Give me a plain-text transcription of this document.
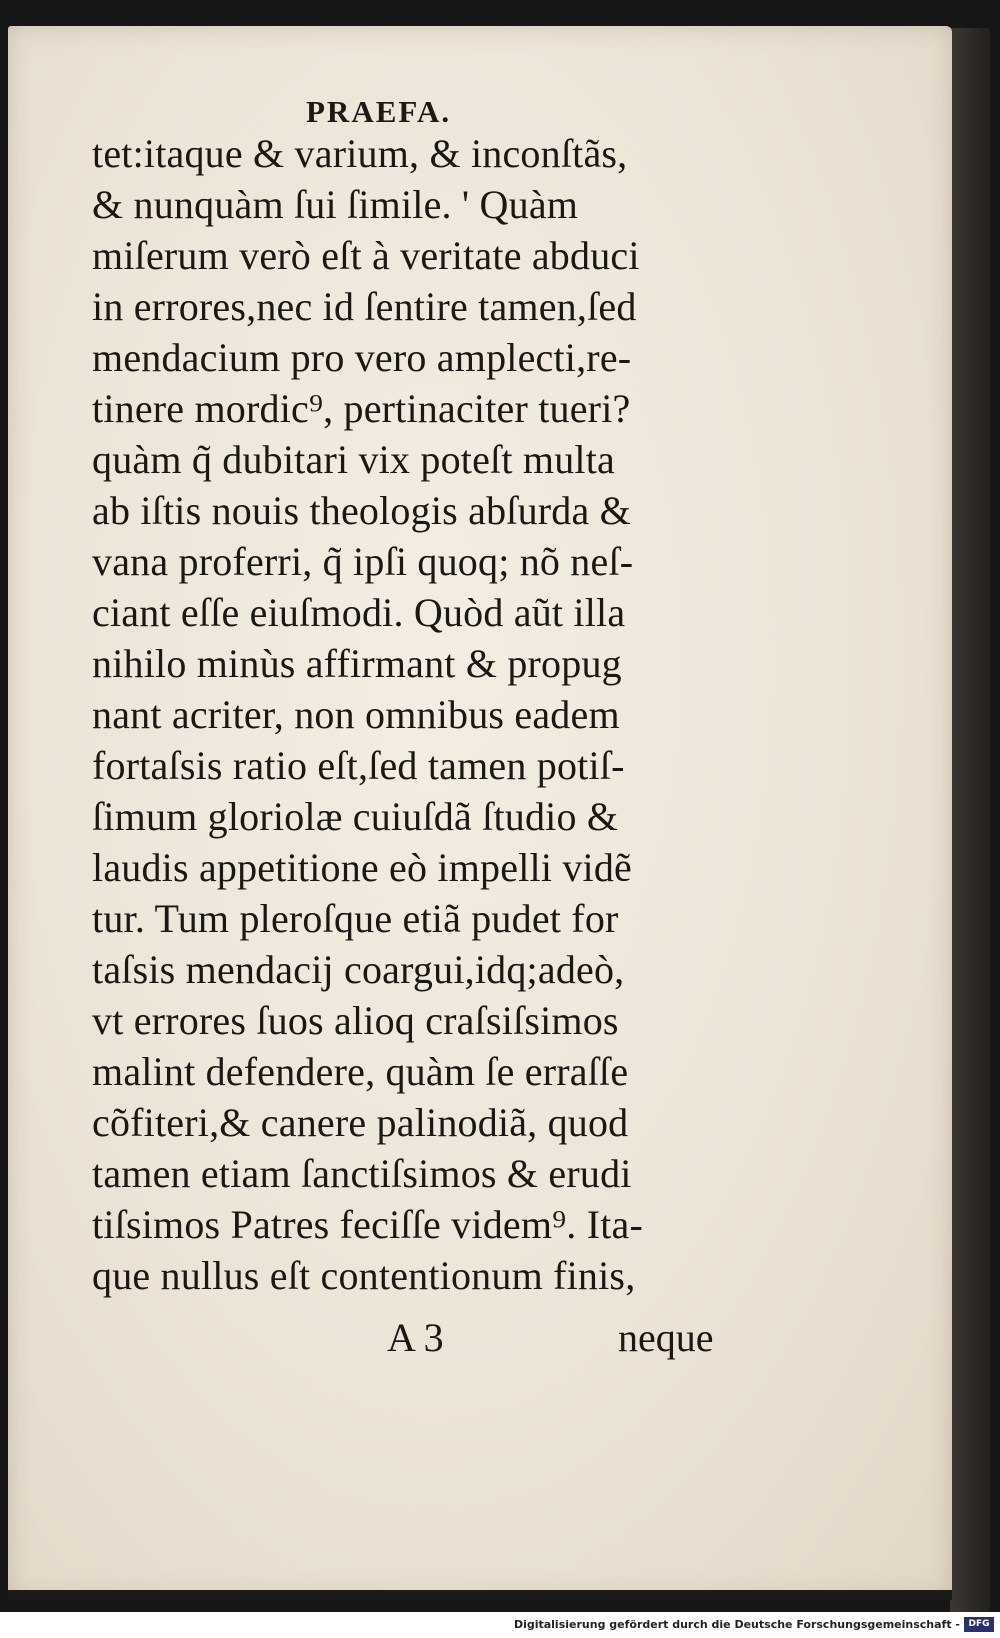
PRAEFA.
tet:itaque & varium, & inconſtãs,
& nunquàm ſui ſimile. ' Quàm
miſerum verò eſt à veritate abduci
in errores,nec id ſentire tamen,ſed
mendacium pro vero amplecti,re-
tinere mordic⁹, pertinaciter tueri?
quàm q̃ dubitari vix poteſt multa
ab iſtis nouis theologis abſurda &
vana proferri, q̃ ipſi quoq; nõ neſ-
ciant eſſe eiuſmodi. Quòd aũt illa
nihilo minùs affirmant & propug
nant acriter, non omnibus eadem
fortaſsis ratio eſt,ſed tamen potiſ-
ſimum gloriolæ cuiuſdã ſtudio &
laudis appetitione eò impelli vidẽ
tur. Tum pleroſque etiã pudet for
taſsis mendacij coargui,idq;adeò,
vt errores ſuos alioq craſsiſsimos
malint defendere, quàm ſe erraſſe
cõfiteri,& canere palinodiã, quod
tamen etiam ſanctiſsimos & erudi
tiſsimos Patres feciſſe videm⁹. Ita-
que nullus eſt contentionum finis,
A 3	neque
Digitalisierung gefördert durch die Deutsche Forschungsgemeinschaft - DFG
